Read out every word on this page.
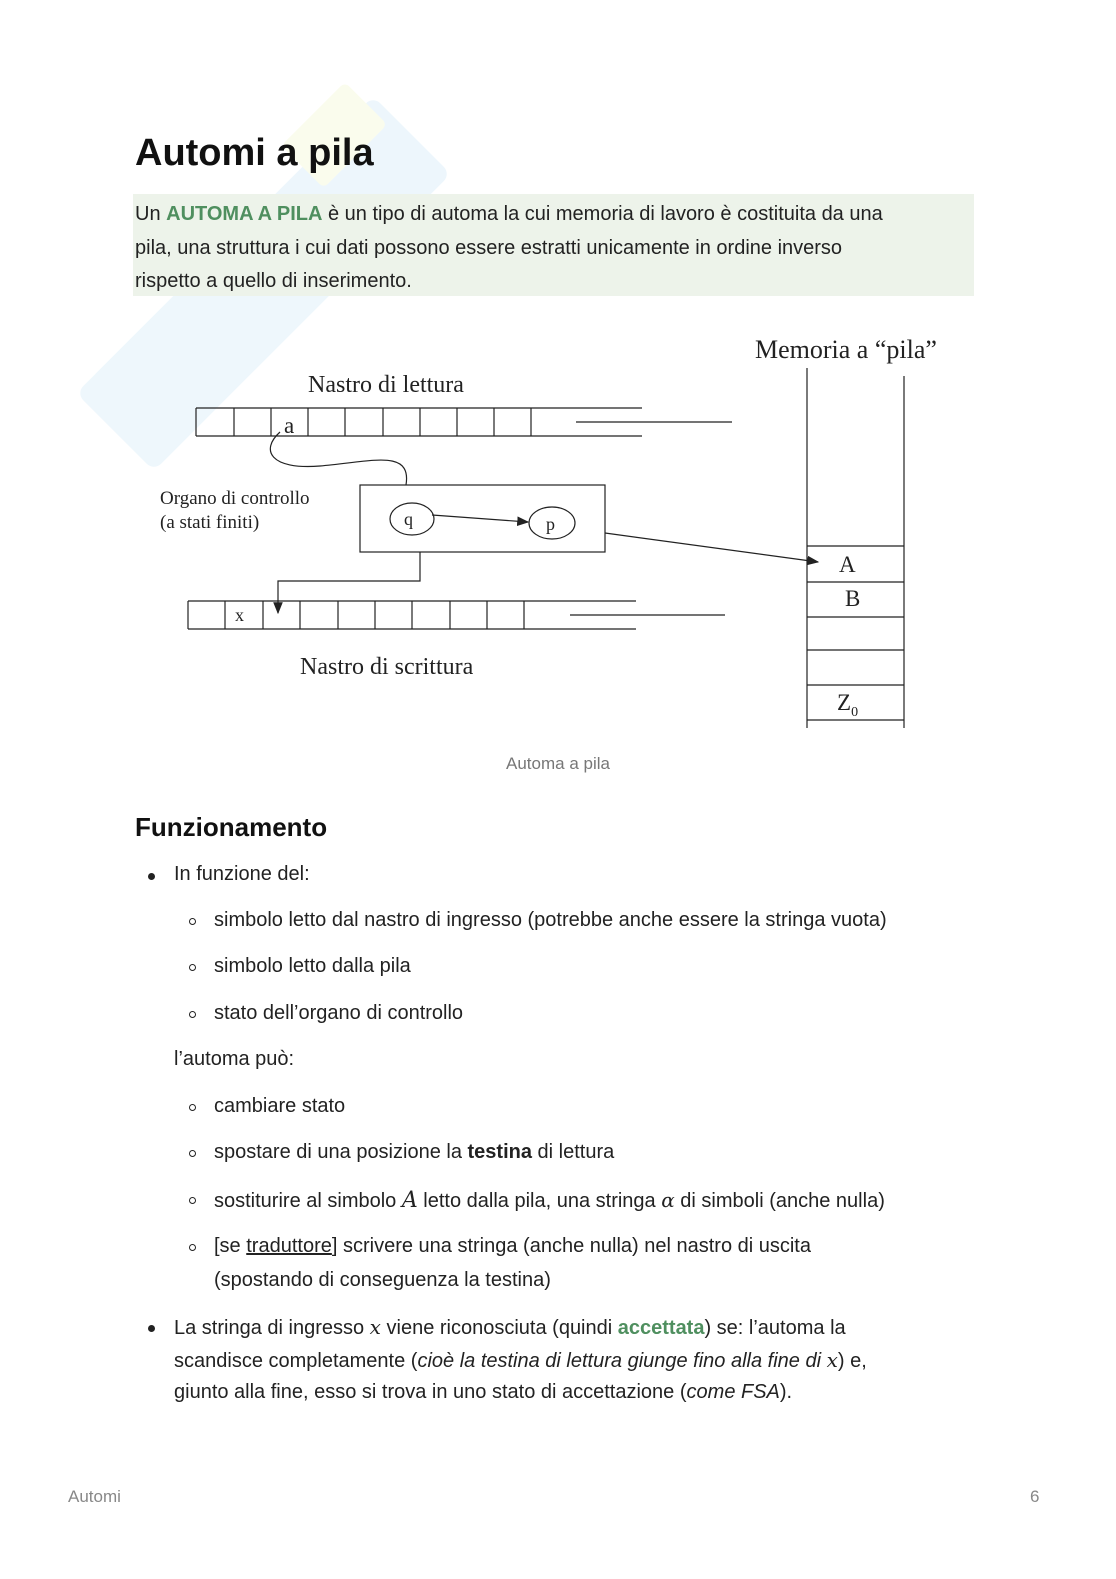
Automi a pila
Un AUTOMA A PILA è un tipo di automa la cui memoria di lavoro è costituita da una
pila, una struttura i cui dati possono essere estratti unicamente in ordine inverso
rispetto a quello di inserimento.
Memoria a “pila”
Nastro di lettura
Organo di controllo
(a stati finiti)
Nastro di scrittura
a
q	p
x
A
B
$Z_0$
Automa a pila
Funzionamento
In funzione del:
simbolo letto dal nastro di ingresso (potrebbe anche essere la stringa vuota)
simbolo letto dalla pila
stato dell’organo di controllo
l’automa può:
cambiare stato
spostare di una posizione la testina di lettura
sostiturire al simbolo A letto dalla pila, una stringa α di simboli (anche nulla)
[se traduttore] scrivere una stringa (anche nulla) nel nastro di uscita
(spostando di conseguenza la testina)
La stringa di ingresso x viene riconosciuta (quindi accettata) se: l’automa la
scandisce completamente (cioè la testina di lettura giunge fino alla fine di x) e,
giunto alla fine, esso si trova in uno stato di accettazione (come FSA).
Automi	6
